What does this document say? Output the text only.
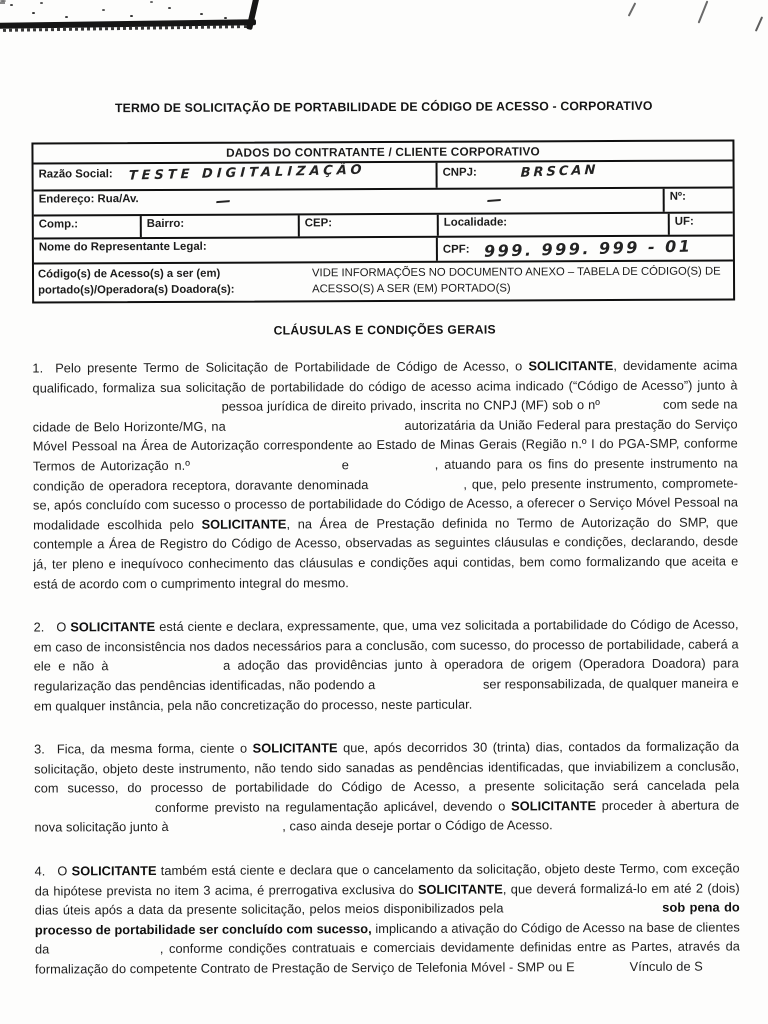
TERMO DE SOLICITAÇÃO DE PORTABILIDADE DE CÓDIGO DE ACESSO - CORPORATIVO
DADOS DO CONTRATANTE / CLIENTE CORPORATIVO
Razão Social: TESTE DIGITALIZAÇÃO	CNPJ:	BRSCAN
Endereço: Rua/Av.	—	—	Nº:
Comp.:	Bairro:	CEP:	Localidade:	UF:
Nome do Representante Legal:	CPF: 999. 999. 999 - 01
Código(s) de Acesso(s) a ser (em) portado(s)/Operadora(s) Doadora(s):
VIDE INFORMAÇÕES NO DOCUMENTO ANEXO – TABELA DE CÓDIGO(S) DE ACESSO(S) A SER (EM) PORTADO(S)
CLÁUSULAS E CONDIÇÕES GERAIS

1. Pelo presente Termo de Solicitação de Portabilidade de Código de Acesso, o SOLICITANTE, devidamente acima qualificado, formaliza sua solicitação de portabilidade do código de acesso acima indicado (“Código de Acesso”) junto à  pessoa jurídica de direito privado, inscrita no CNPJ (MF) sob o nº	com sede na cidade de Belo Horizonte/MG, na	autorizatária da União Federal para prestação do Serviço Móvel Pessoal na Área de Autorização correspondente ao Estado de Minas Gerais (Região n.º I do PGA-SMP, conforme Termos de Autorização n.º	e	, atuando para os fins do presente instrumento na condição de operadora receptora, doravante denominada	, que, pelo presente instrumento, compromete-se, após concluído com sucesso o processo de portabilidade do Código de Acesso, a oferecer o Serviço Móvel Pessoal na modalidade escolhida pelo SOLICITANTE, na Área de Prestação definida no Termo de Autorização do SMP, que contemple a Área de Registro do Código de Acesso, observadas as seguintes cláusulas e condições, declarando, desde já, ter pleno e inequívoco conhecimento das cláusulas e condições aqui contidas, bem como formalizando que aceita e está de acordo com o cumprimento integral do mesmo.

2. O SOLICITANTE está ciente e declara, expressamente, que, uma vez solicitada a portabilidade do Código de Acesso, em caso de inconsistência nos dados necessários para a conclusão, com sucesso, do processo de portabilidade, caberá a ele e não à	a adoção das providências junto à operadora de origem (Operadora Doadora) para regularização das pendências identificadas, não podendo a	ser responsabilizada, de qualquer maneira e em qualquer instância, pela não concretização do processo, neste particular.

3. Fica, da mesma forma, ciente o SOLICITANTE que, após decorridos 30 (trinta) dias, contados da formalização da solicitação, objeto deste instrumento, não tendo sido sanadas as pendências identificadas, que inviabilizem a conclusão, com sucesso, do processo de portabilidade do Código de Acesso, a presente solicitação será cancelada pela  conforme previsto na regulamentação aplicável, devendo o SOLICITANTE proceder à abertura de nova solicitação junto à	, caso ainda deseje portar o Código de Acesso.

4. O SOLICITANTE também está ciente e declara que o cancelamento da solicitação, objeto deste Termo, com exceção da hipótese prevista no item 3 acima, é prerrogativa exclusiva do SOLICITANTE, que deverá formalizá-lo em até 2 (dois) dias úteis após a data da presente solicitação, pelos meios disponibilizados pela	sob pena do processo de portabilidade ser concluído com sucesso, implicando a ativação do Código de Acesso na base de clientes da	, conforme condições contratuais e comerciais devidamente definidas entre as Partes, através da formalização do competente Contrato de Prestação de Serviço de Telefonia Móvel - SMP ou E	Vínculo de S
